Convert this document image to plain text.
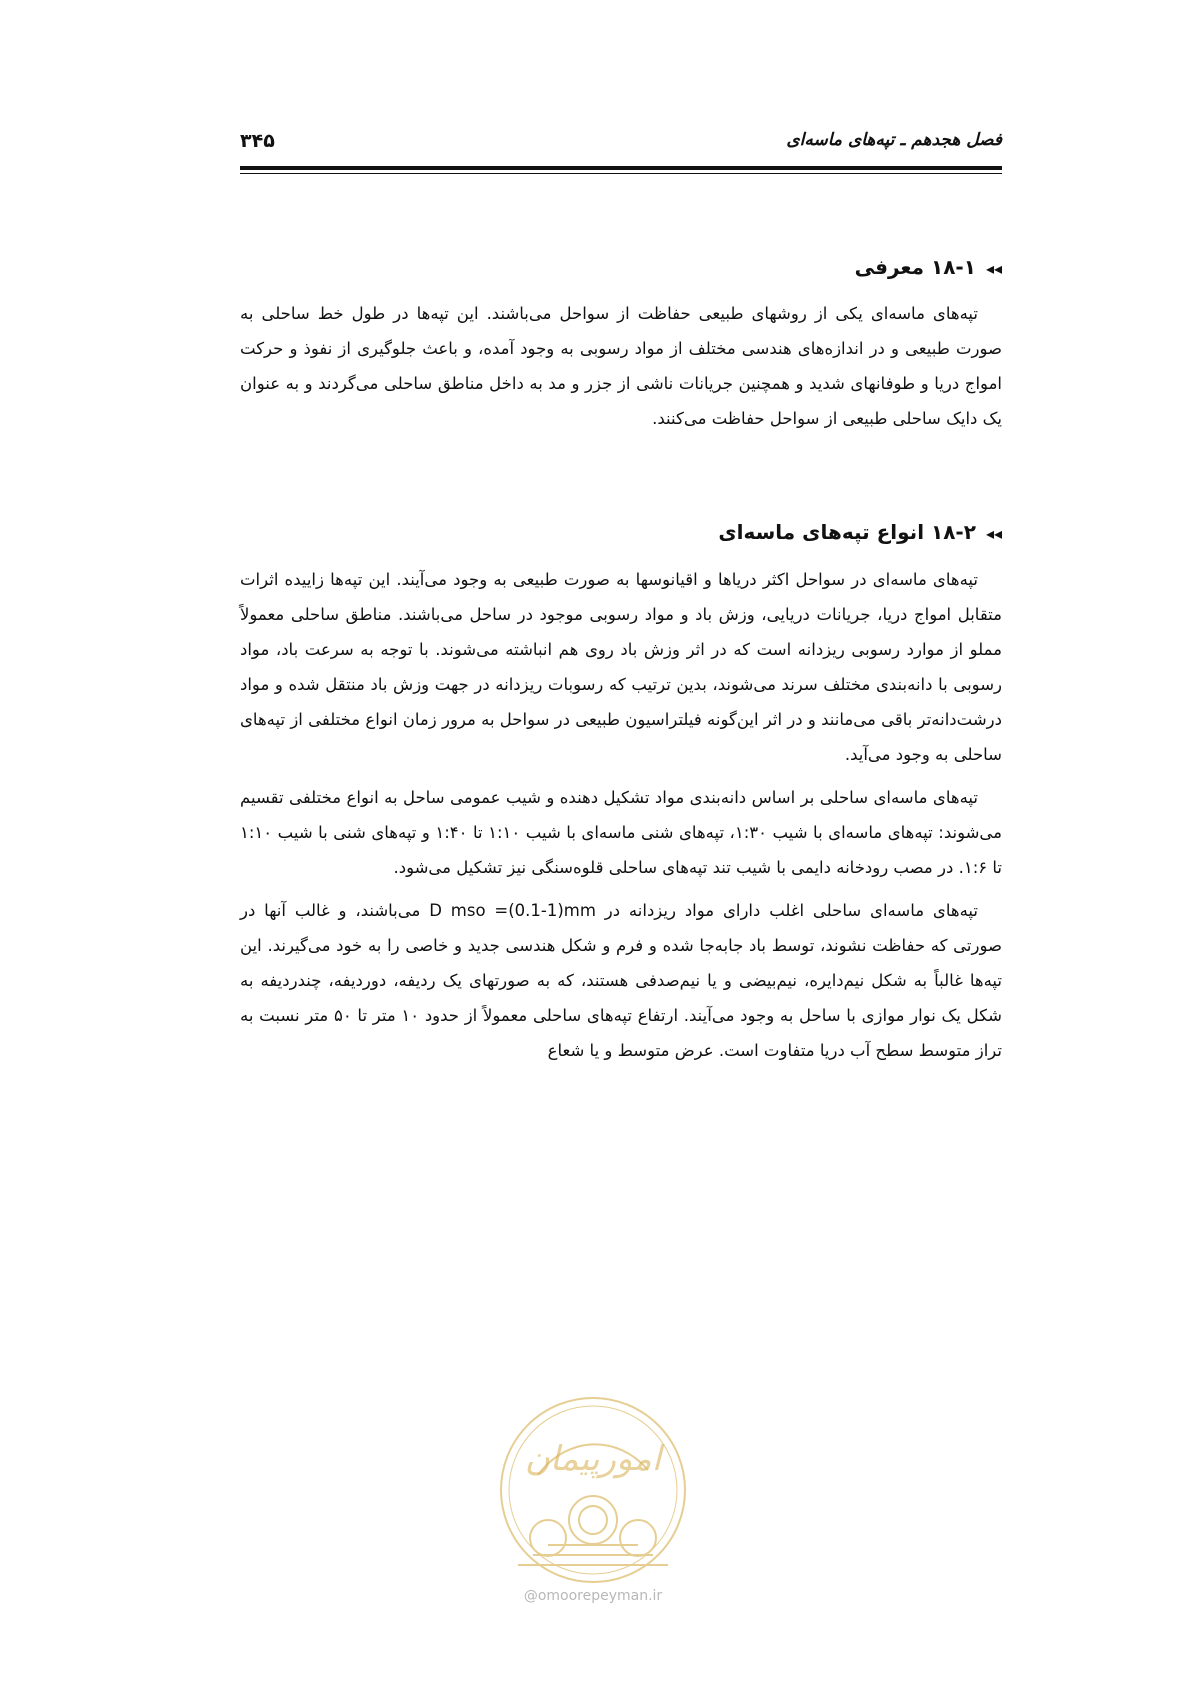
فصل هجدهم ـ تپه‌های ماسه‌ای
۳۴۵
◂◂۱۸-۱ معرفی

تپه‌های ماسه‌ای یکی از روشهای طبیعی حفاظت از سواحل می‌باشند. این تپه‌ها در طول خط ساحلی به صورت طبیعی و در اندازه‌های هندسی مختلف از مواد رسوبی به وجود آمده، و باعث جلوگیری از نفوذ و حرکت امواج دریا و طوفانهای شدید و همچنین جریانات ناشی از جزر و مد به داخل مناطق ساحلی می‌گردند و به عنوان یک دایک ساحلی طبیعی از سواحل حفاظت می‌کنند.

◂◂۱۸-۲ انواع تپه‌های ماسه‌ای

تپه‌های ماسه‌ای در سواحل اکثر دریاها و اقیانوسها به صورت طبیعی به وجود می‌آیند. این تپه‌ها زاییده اثرات متقابل امواج دریا، جریانات دریایی، وزش باد و مواد رسوبی موجود در ساحل می‌باشند. مناطق ساحلی معمولاً مملو از موارد رسوبی ریزدانه است که در اثر وزش باد روی هم انباشته می‌شوند. با توجه به سرعت باد، مواد رسوبی با دانه‌بندی مختلف سرند می‌شوند، بدین ترتیب که رسوبات ریزدانه در جهت وزش باد منتقل شده و مواد درشت‌دانه‌تر باقی می‌مانند و در اثر این‌گونه فیلتراسیون طبیعی در سواحل به مرور زمان انواع مختلفی از تپه‌های ساحلی به وجود می‌آید.

تپه‌های ماسه‌ای ساحلی بر اساس دانه‌بندی مواد تشکیل دهنده و شیب عمومی ساحل به انواع مختلفی تقسیم می‌شوند: تپه‌های ماسه‌ای با شیب ۱:۳۰، تپه‌های شنی ماسه‌ای با شیب ۱:۱۰ تا ۱:۴۰ و تپه‌های شنی با شیب ۱:۱۰ تا ۱:۶. در مصب رودخانه دایمی با شیب تند تپه‌های ساحلی قلوه‌سنگی نیز تشکیل می‌شود.

تپه‌های ماسه‌ای ساحلی اغلب دارای مواد ریزدانه در D mso =(0.1-1)mm می‌باشند، و غالب آنها در صورتی که حفاظت نشوند، توسط باد جابه‌جا شده و فرم و شکل هندسی جدید و خاصی را به خود می‌گیرند. این تپه‌ها غالباً به شکل نیم‌دایره، نیم‌بیضی و یا نیم‌صدفی هستند، که به صورتهای یک ردیفه، دوردیفه، چندردیفه به شکل یک نوار موازی با ساحل به وجود می‌آیند. ارتفاع تپه‌های ساحلی معمولاً از حدود ۱۰ متر تا ۵۰ متر نسبت به تراز متوسط سطح آب دریا متفاوت است. عرض متوسط و یا شعاع

امورپیمان
@omoorepeyman.ir
